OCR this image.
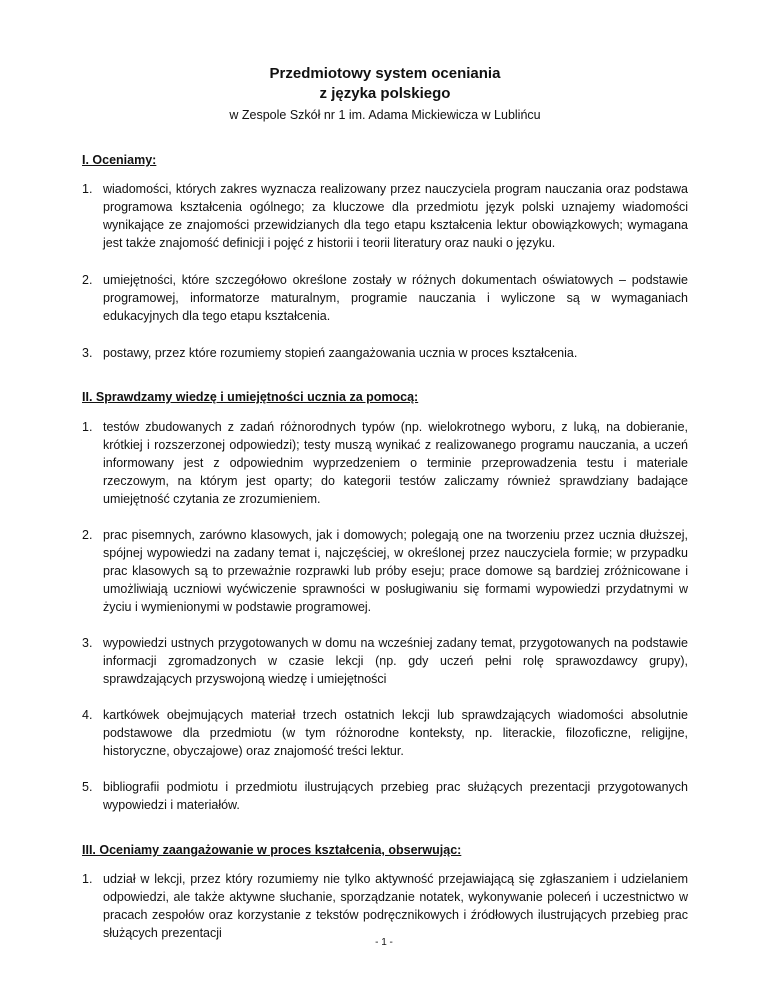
Przedmiotowy system oceniania

z języka polskiego

w Zespole Szkół nr 1 im. Adama Mickiewicza w Lublińcu

I. Oceniamy:

1. wiadomości, których zakres wyznacza realizowany przez nauczyciela program nauczania oraz podstawa programowa kształcenia ogólnego; za kluczowe dla przedmiotu język polski uznajemy wiadomości wynikające ze znajomości przewidzianych dla tego etapu kształcenia lektur obowiązkowych; wymagana jest także znajomość definicji i pojęć z historii i teorii literatury oraz nauki o języku.
2. umiejętności, które szczegółowo określone zostały w różnych dokumentach oświatowych – podstawie programowej, informatorze maturalnym, programie nauczania i wyliczone są w wymaganiach edukacyjnych dla tego etapu kształcenia.
3. postawy, przez które rozumiemy stopień zaangażowania ucznia w proces kształcenia.

II. Sprawdzamy wiedzę i umiejętności ucznia za pomocą:

1. testów zbudowanych z zadań różnorodnych typów (np. wielokrotnego wyboru, z luką, na dobieranie, krótkiej i rozszerzonej odpowiedzi); testy muszą wynikać z realizowanego programu nauczania, a uczeń informowany jest z odpowiednim wyprzedzeniem o terminie przeprowadzenia testu i materiale rzeczowym, na którym jest oparty; do kategorii testów zaliczamy również sprawdziany badające umiejętność czytania ze zrozumieniem.
2. prac pisemnych, zarówno klasowych, jak i domowych; polegają one na tworzeniu przez ucznia dłuższej, spójnej wypowiedzi na zadany temat i, najczęściej, w określonej przez nauczyciela formie; w przypadku prac klasowych są to przeważnie rozprawki lub próby eseju; prace domowe są bardziej zróżnicowane i umożliwiają uczniowi wyćwiczenie sprawności w posługiwaniu się formami wypowiedzi przydatnymi w życiu i wymienionymi w podstawie programowej.
3. wypowiedzi ustnych przygotowanych w domu na wcześniej zadany temat, przygotowanych na podstawie informacji zgromadzonych w czasie lekcji (np. gdy uczeń pełni rolę sprawozdawcy grupy), sprawdzających przyswojoną wiedzę i umiejętności
4. kartkówek obejmujących materiał trzech ostatnich lekcji lub sprawdzających wiadomości absolutnie podstawowe dla przedmiotu (w tym różnorodne konteksty, np. literackie, filozoficzne, religijne, historyczne, obyczajowe) oraz znajomość treści lektur.
5. bibliografii podmiotu i przedmiotu ilustrujących przebieg prac służących prezentacji przygotowanych wypowiedzi i materiałów.

III. Oceniamy zaangażowanie w proces kształcenia, obserwując:

1. udział w lekcji, przez który rozumiemy nie tylko aktywność przejawiającą się zgłaszaniem i udzielaniem odpowiedzi, ale także aktywne słuchanie, sporządzanie notatek, wykonywanie poleceń i uczestnictwo w pracach zespołów oraz korzystanie z tekstów podręcznikowych i źródłowych ilustrujących przebieg prac służących prezentacji
- 1 -
